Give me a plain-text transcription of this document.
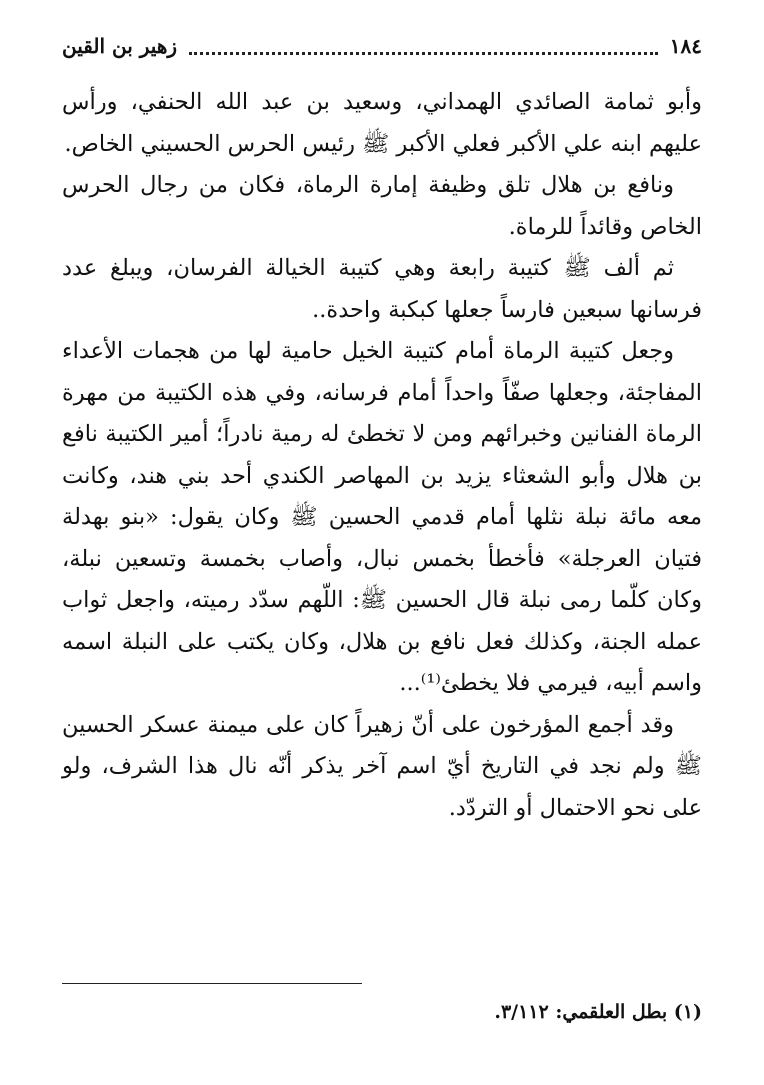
١٨٤
زهير بن القين

وأبو ثمامة الصائدي الهمداني، وسعيد بن عبد الله الحنفي، ورأس عليهم ابنه علي الأكبر فعلي الأكبر ﷺ رئيس الحرس الحسيني الخاص.

ونافع بن هلال تلق وظيفة إمارة الرماة، فكان من رجال الحرس الخاص وقائداً للرماة.

ثم ألف ﷺ كتيبة رابعة وهي كتيبة الخيالة الفرسان، ويبلغ عدد فرسانها سبعين فارساً جعلها كبكبة واحدة..

وجعل كتيبة الرماة أمام كتيبة الخيل حامية لها من هجمات الأعداء المفاجئة، وجعلها صفّاً واحداً أمام فرسانه، وفي هذه الكتيبة من مهرة الرماة الفنانين وخبرائهم ومن لا تخطئ له رمية نادراً؛ أمير الكتيبة نافع بن هلال وأبو الشعثاء يزيد بن المهاصر الكندي أحد بني هند، وكانت معه مائة نبلة نثلها أمام قدمي الحسين ﷺ وكان يقول: «بنو بهدلة فتيان العرجلة» فأخطأ بخمس نبال، وأصاب بخمسة وتسعين نبلة، وكان كلّما رمى نبلة قال الحسين ﷺ: اللّهم سدّد رميته، واجعل ثواب عمله الجنة، وكذلك فعل نافع بن هلال، وكان يكتب على النبلة اسمه واسم أبيه، فيرمي فلا يخطئ⁽¹⁾...

وقد أجمع المؤرخون على أنّ زهيراً كان على ميمنة عسكر الحسين ﷺ ولم نجد في التاريخ أيّ اسم آخر يذكر أنّه نال هذا الشرف، ولو على نحو الاحتمال أو التردّد.

(١) بطل العلقمي: ٣/١١٢.
